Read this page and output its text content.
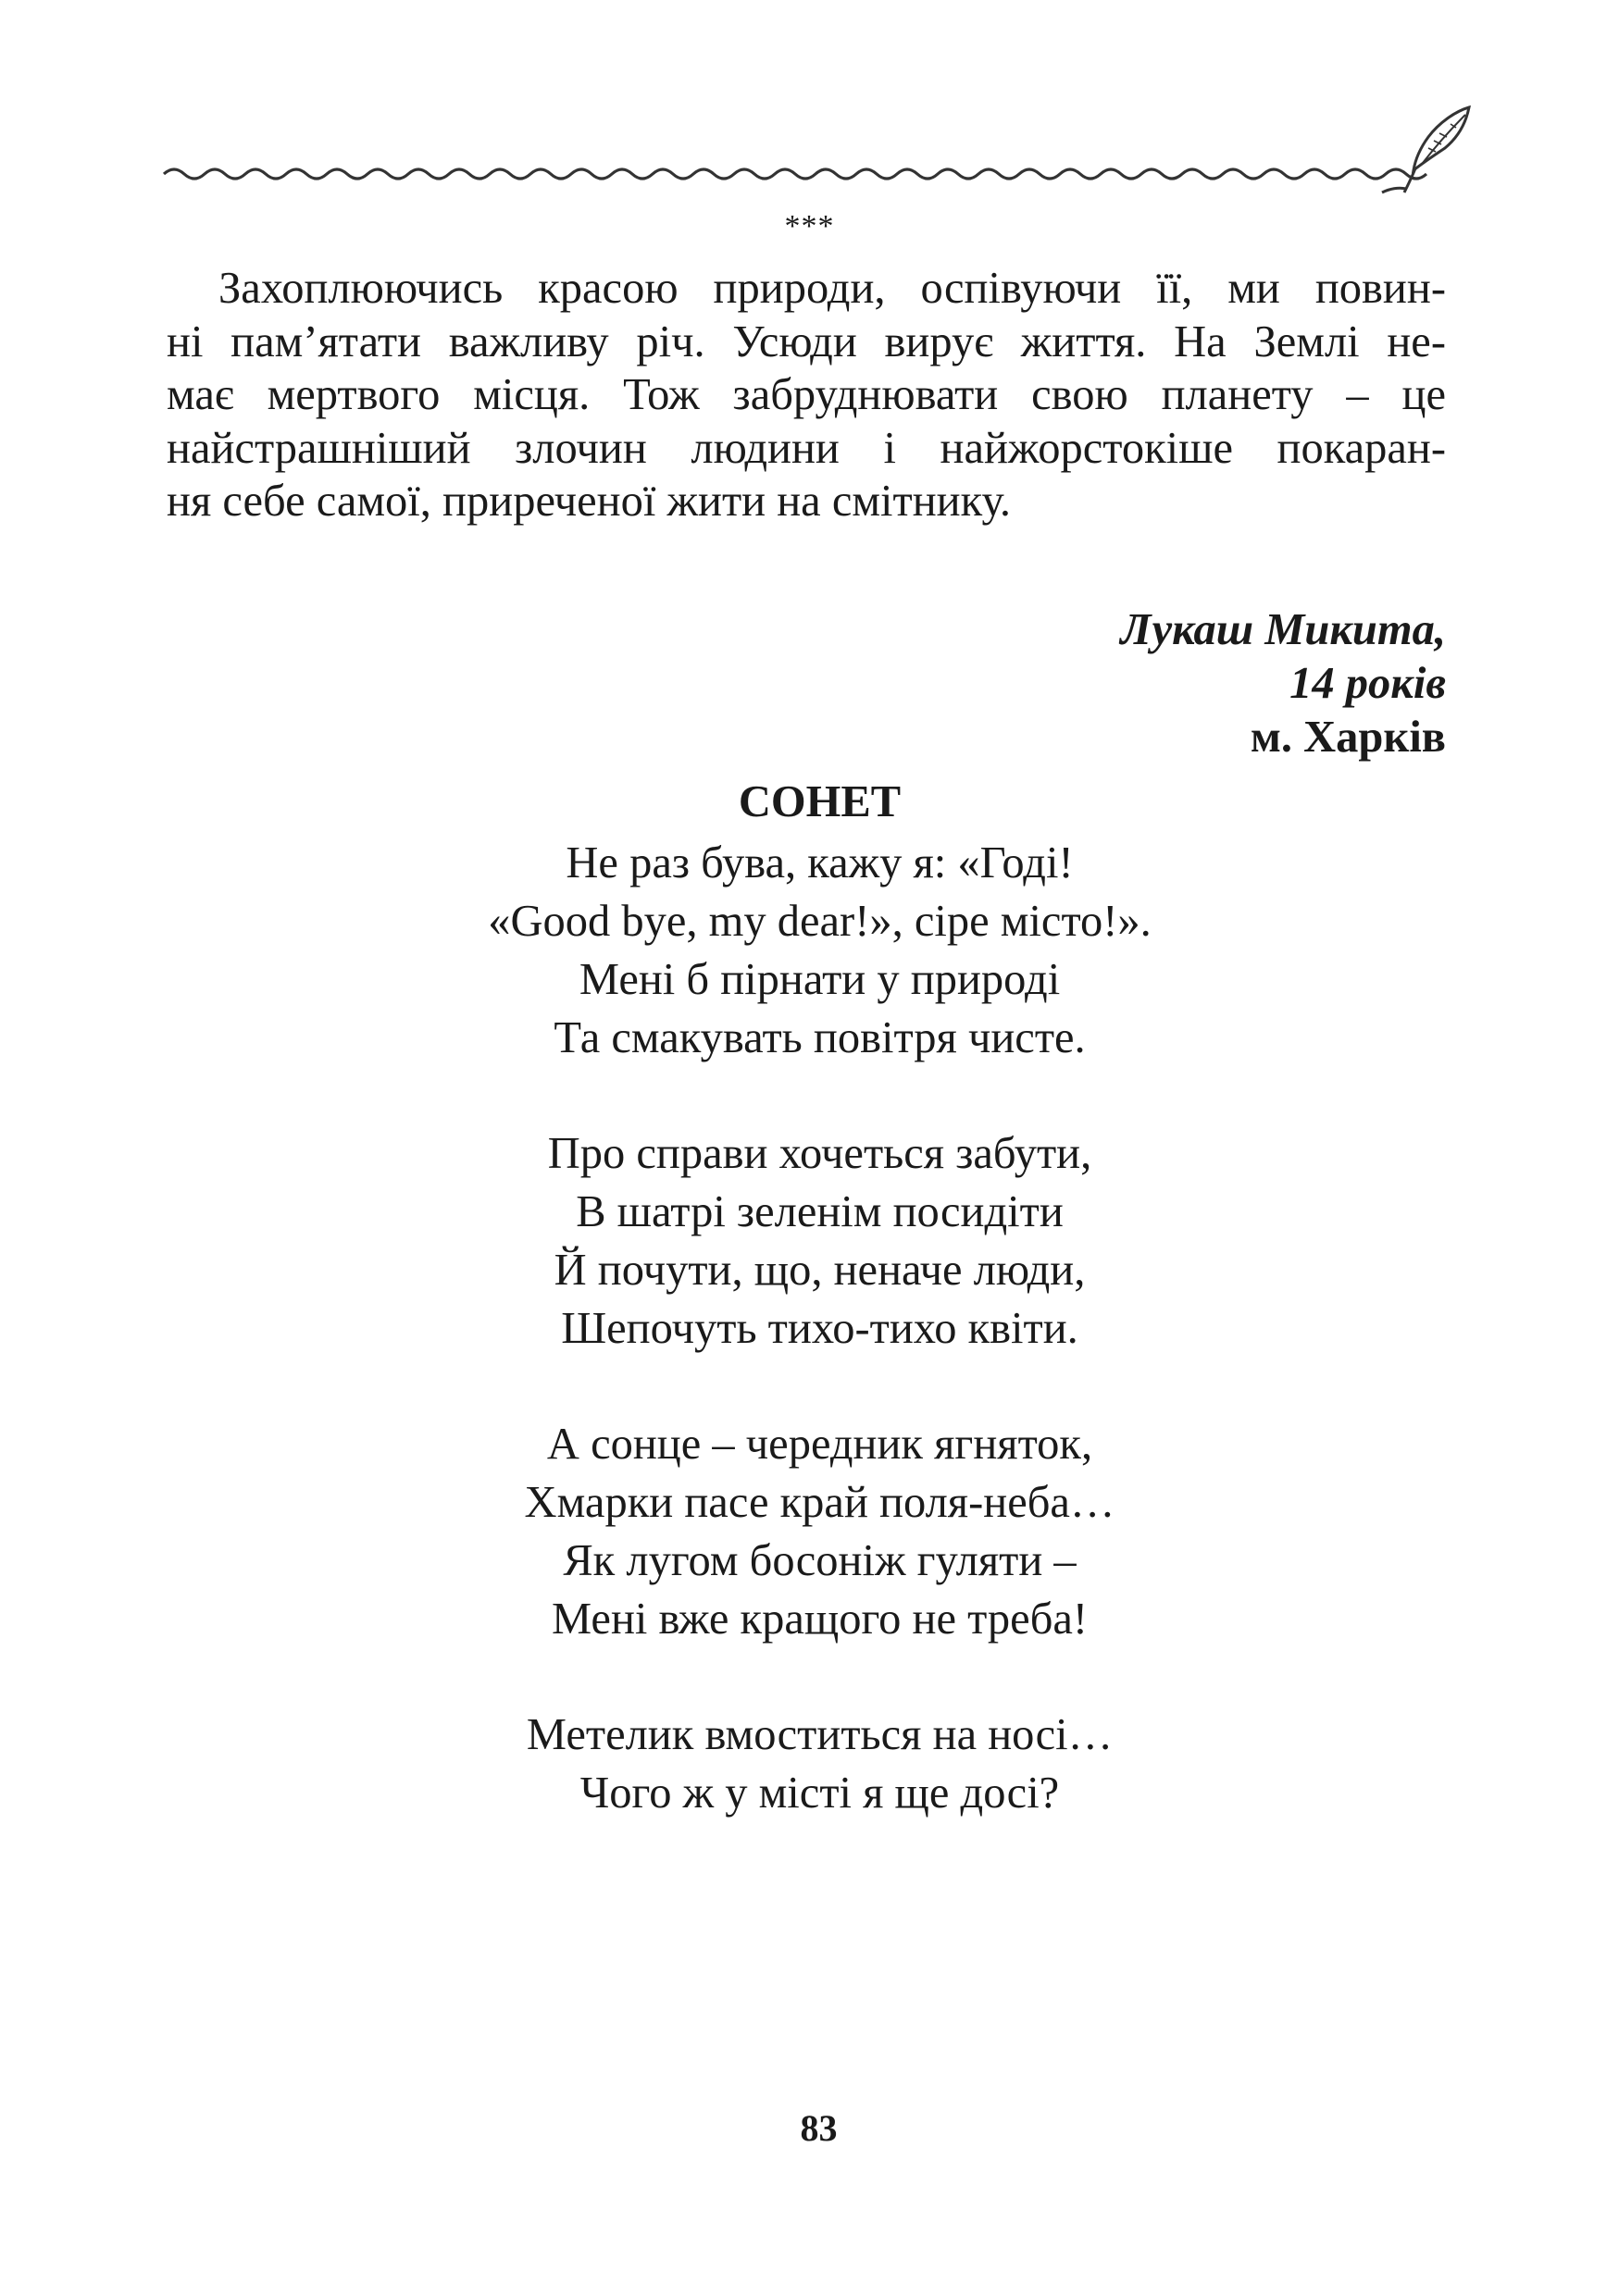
***
Захоплюючись красою природи, оспівуючи її, ми повин-
ні пам’ятати важливу річ. Усюди вирує життя. На Землі не-
має мертвого місця. Тож забруднювати свою планету – це
найстрашніший злочин людини і найжорстокіше покаран-
ня себе самої, приреченої жити на смітнику.
Лукаш Микита,
14 років
м. Харків
СОНЕТ
Не раз бува, кажу я: «Годі!
«Good bye, my dear!», сіре місто!».
Мені б пірнати у природі
Та смакувать повітря чисте.
Про справи хочеться забути,
В шатрі зеленім посидіти
Й почути, що, неначе люди,
Шепочуть тихо-тихо квіти.
А сонце – чередник ягняток,
Хмарки пасе край поля-неба…
Як лугом босоніж гуляти –
Мені вже кращого не треба!
Метелик вмоститься на носі…
Чого ж у місті я ще досі?
83
